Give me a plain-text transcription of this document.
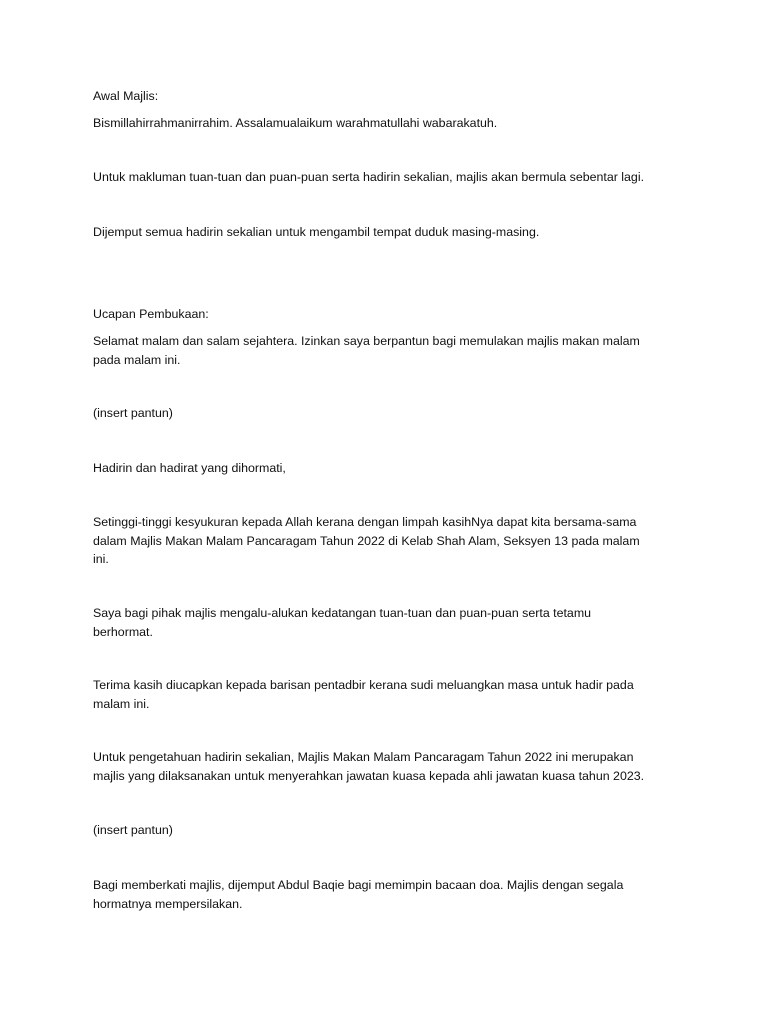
Awal Majlis:

Bismillahirrahmanirrahim. Assalamualaikum warahmatullahi wabarakatuh.

Untuk makluman tuan-tuan dan puan-puan serta hadirin sekalian, majlis akan bermula sebentar lagi.

Dijemput semua hadirin sekalian untuk mengambil tempat duduk masing-masing.

Ucapan Pembukaan:

Selamat malam dan salam sejahtera. Izinkan saya berpantun bagi memulakan majlis makan malam
pada malam ini.

(insert pantun)

Hadirin dan hadirat yang dihormati,

Setinggi-tinggi kesyukuran kepada Allah kerana dengan limpah kasihNya dapat kita bersama-sama
dalam Majlis Makan Malam Pancaragam Tahun 2022 di Kelab Shah Alam, Seksyen 13 pada malam
ini.

Saya bagi pihak majlis mengalu-alukan kedatangan tuan-tuan dan puan-puan serta tetamu
berhormat.

Terima kasih diucapkan kepada barisan pentadbir kerana sudi meluangkan masa untuk hadir pada
malam ini.

Untuk pengetahuan hadirin sekalian, Majlis Makan Malam Pancaragam Tahun 2022 ini merupakan
majlis yang dilaksanakan untuk menyerahkan jawatan kuasa kepada ahli jawatan kuasa tahun 2023.

(insert pantun)

Bagi memberkati majlis, dijemput Abdul Baqie bagi memimpin bacaan doa. Majlis dengan segala
hormatnya mempersilakan.
